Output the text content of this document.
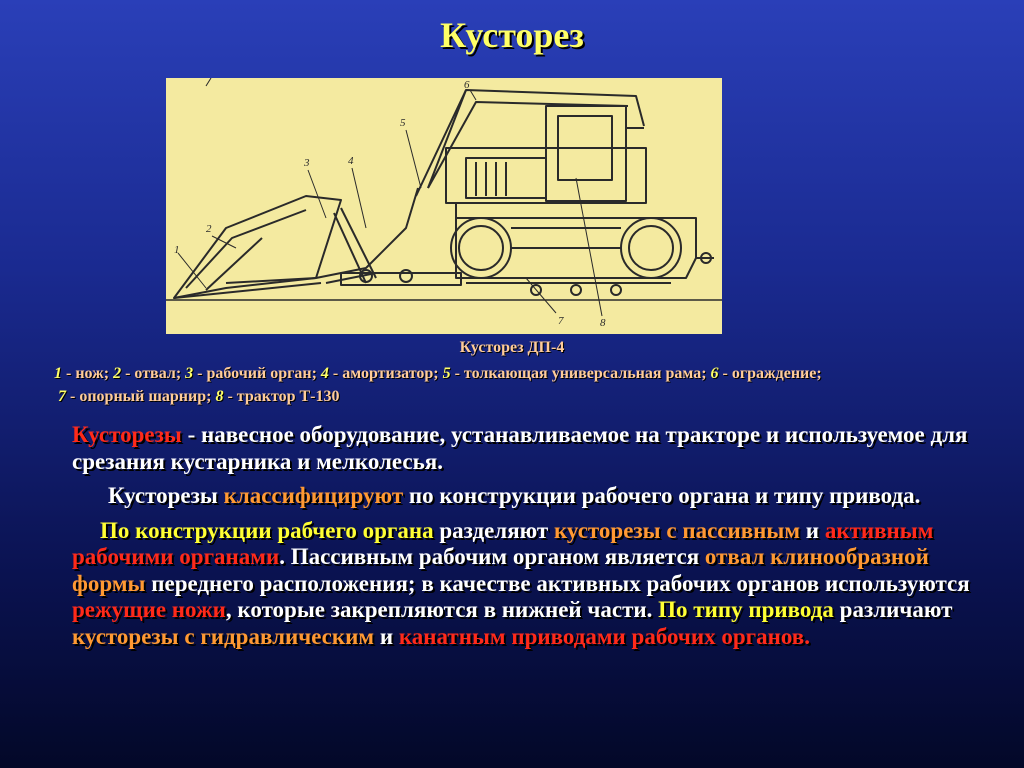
Кусторез
1
2
3	4
5
6
7	8
Кусторез ДП-4
1 - нож; 2 - отвал; 3 - рабочий орган; 4 - амортизатор; 5 - толкающая универсальная рама; 6 - ограждение;
7 - опорный шарнир; 8 - трактор Т-130

Кусторезы - навесное оборудование, устанавливаемое на тракторе и используемое для срезания кустарника и мелколесья.

Кусторезы классифицируют по конструкции рабочего органа и типу привода.

По конструкции рабчего органа разделяют кусторезы с пассивным и активным рабочими органами. Пассивным рабочим органом является отвал клинообразной формы переднего расположения; в качестве активных рабочих органов используются режущие ножи, которые закрепляются в нижней части. По типу привода различают кусторезы с гидравлическим и канатным приводами рабочих органов.
